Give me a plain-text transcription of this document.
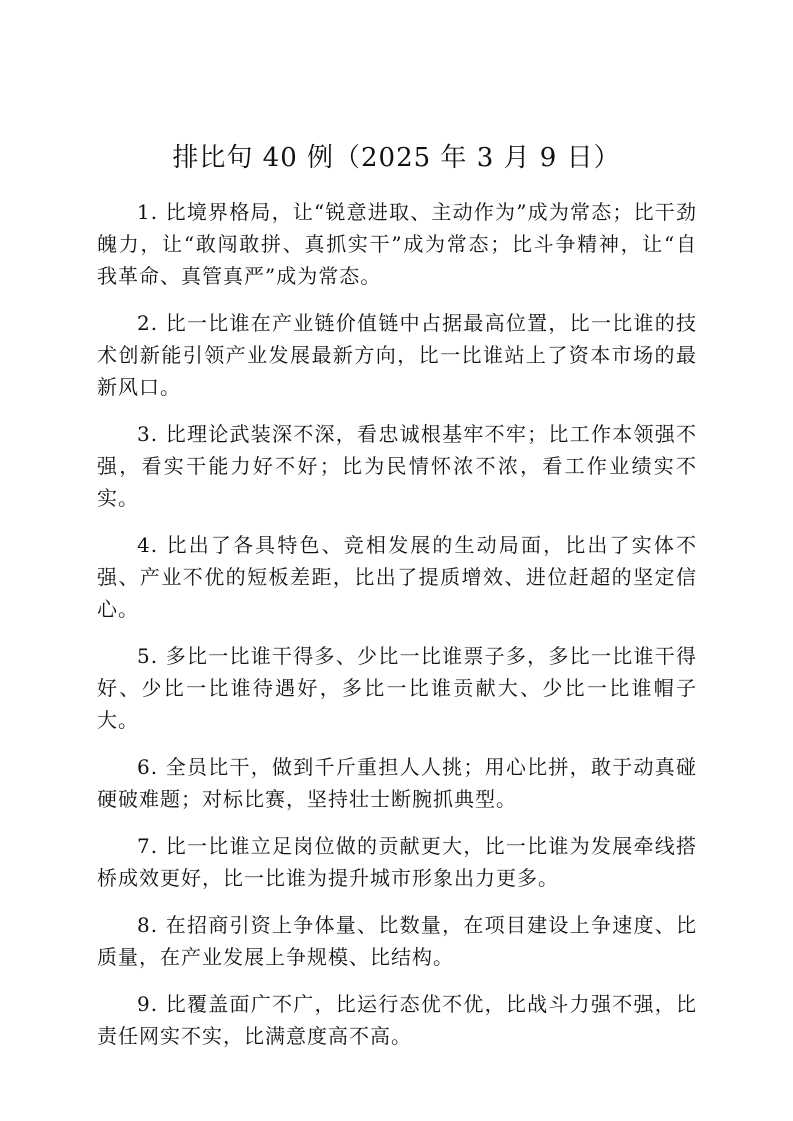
排比句 40 例（2025 年 3 月 9 日）

1. 比境界格局，让“锐意进取、主动作为”成为常态；比干劲魄力，让“敢闯敢拼、真抓实干”成为常态；比斗争精神，让“自我革命、真管真严”成为常态。

2. 比一比谁在产业链价值链中占据最高位置，比一比谁的技术创新能引领产业发展最新方向，比一比谁站上了资本市场的最新风口。

3. 比理论武装深不深，看忠诚根基牢不牢；比工作本领强不强，看实干能力好不好；比为民情怀浓不浓，看工作业绩实不实。

4. 比出了各具特色、竞相发展的生动局面，比出了实体不强、产业不优的短板差距，比出了提质增效、进位赶超的坚定信心。

5. 多比一比谁干得多、少比一比谁票子多，多比一比谁干得好、少比一比谁待遇好，多比一比谁贡献大、少比一比谁帽子大。

6. 全员比干，做到千斤重担人人挑；用心比拼，敢于动真碰硬破难题；对标比赛，坚持壮士断腕抓典型。

7. 比一比谁立足岗位做的贡献更大，比一比谁为发展牵线搭桥成效更好，比一比谁为提升城市形象出力更多。

8. 在招商引资上争体量、比数量，在项目建设上争速度、比质量，在产业发展上争规模、比结构。

9. 比覆盖面广不广，比运行态优不优，比战斗力强不强，比责任网实不实，比满意度高不高。
